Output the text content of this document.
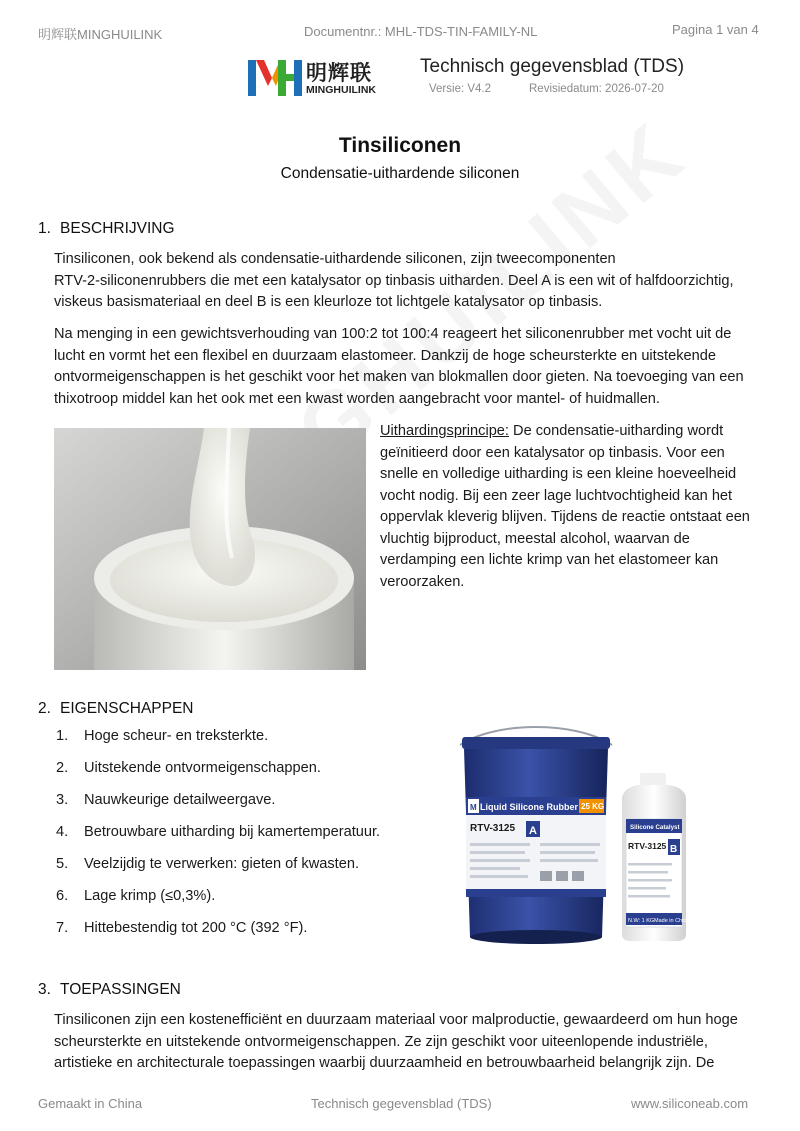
明辉联MINGHUILINK	Documentnr.: MHL-TDS-TIN-FAMILY-NL	Pagina 1 van 4
明辉联
MINGHUILINK
Technisch gegevensblad (TDS)
Versie: V4.2	Revisiedatum: 2026-07-20
Tinsiliconen
Condensatie-uithardende siliconen
1. BESCHRIJVING
Tinsiliconen, ook bekend als condensatie-uithardende siliconen, zijn tweecomponenten
RTV-2-siliconenrubbers die met een katalysator op tinbasis uitharden. Deel A is een wit of halfdoorzichtig,
viskeus basismateriaal en deel B is een kleurloze tot lichtgele katalysator op tinbasis.
Na menging in een gewichtsverhouding van 100:2 tot 100:4 reageert het siliconenrubber met vocht uit de
lucht en vormt het een flexibel en duurzaam elastomeer. Dankzij de hoge scheursterkte en uitstekende
ontvormeigenschappen is het geschikt voor het maken van blokmallen door gieten. Na toevoeging van een
thixotroop middel kan het ook met een kwast worden aangebracht voor mantel- of huidmallen.
Uithardingsprincipe: De condensatie-uitharding wordt
geïnitieerd door een katalysator op tinbasis. Voor een
snelle en volledige uitharding is een kleine hoeveelheid
vocht nodig. Bij een zeer lage luchtvochtigheid kan het
oppervlak kleverig blijven. Tijdens de reactie ontstaat een
vluchtig bijproduct, meestal alcohol, waarvan de
verdamping een lichte krimp van het elastomeer kan
veroorzaken.
2. EIGENSCHAPPEN
1.	Hoge scheur- en treksterkte.
2.	Uitstekende ontvormeigenschappen.
3.	Nauwkeurige detailweergave.
4.	Betrouwbare uitharding bij kamertemperatuur.
5.	Veelzijdig te verwerken: gieten of kwasten.
6.	Lage krimp (≤0,3%).
7.	Hittebestendig tot 200 °C (392 °F).
Liquid Silicone Rubber 25 KG
M
RTV-3125 A	Silicone Catalyst
RTV-3125 B
N.W: 1 KG Made in China
3. TOEPASSINGEN
Tinsiliconen zijn een kostenefficiënt en duurzaam materiaal voor malproductie, gewaardeerd om hun hoge
scheursterkte en uitstekende ontvormeigenschappen. Ze zijn geschikt voor uiteenlopende industriële,
artistieke en architecturale toepassingen waarbij duurzaamheid en betrouwbaarheid belangrijk zijn. De
Gemaakt in China	Technisch gegevensblad (TDS)	www.siliconeab.com
